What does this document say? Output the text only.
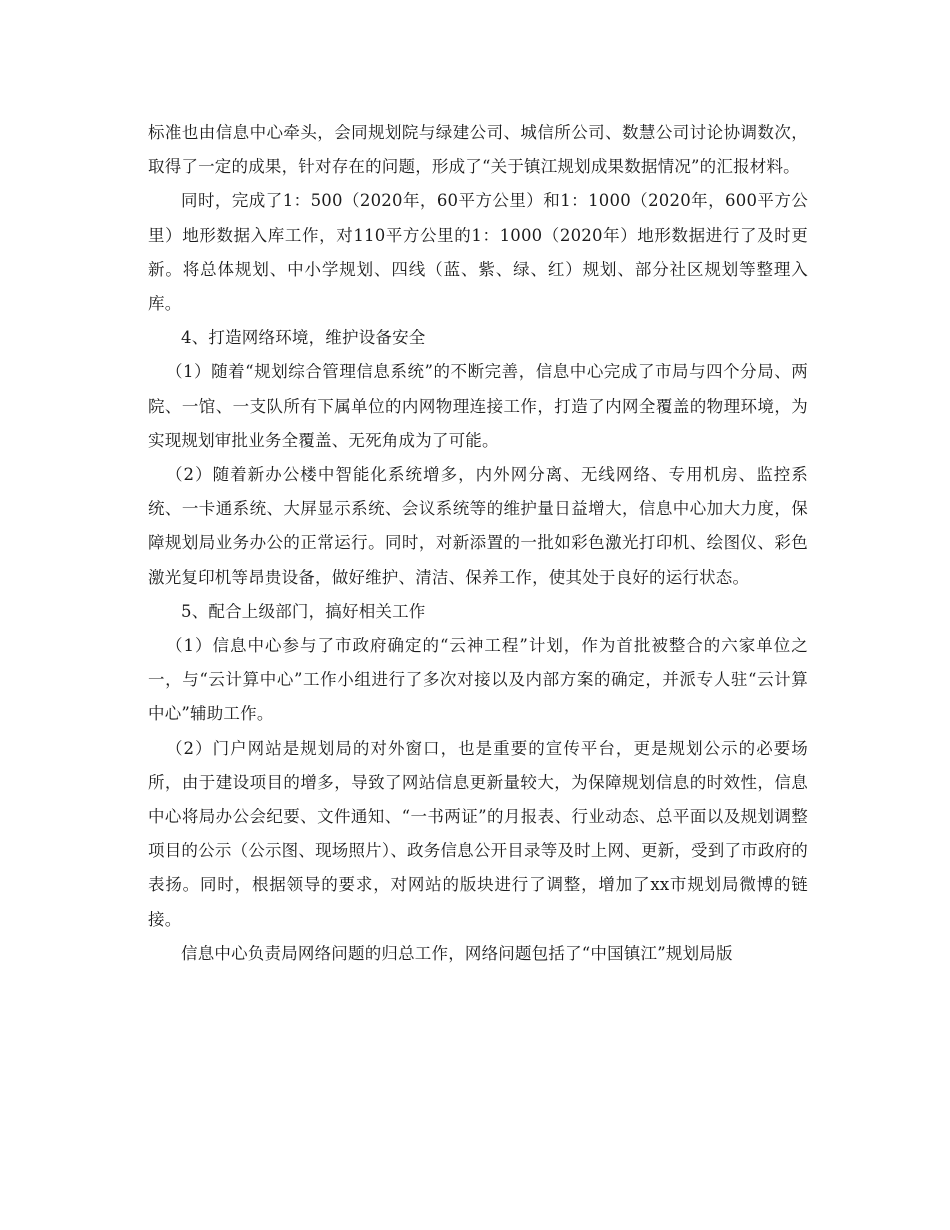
标准也由信息中心牵头，会同规划院与绿建公司、城信所公司、数慧公司讨论协调数次，取得了一定的成果，针对存在的问题，形成了“关于镇江规划成果数据情况”的汇报材料。

同时，完成了1：500（2020年，60平方公里）和1：1000（2020年，600平方公里）地形数据入库工作，对110平方公里的1：1000（2020年）地形数据进行了及时更新。将总体规划、中小学规划、四线（蓝、紫、绿、红）规划、部分社区规划等整理入库。

4、打造网络环境，维护设备安全

（1）随着“规划综合管理信息系统”的不断完善，信息中心完成了市局与四个分局、两院、一馆、一支队所有下属单位的内网物理连接工作，打造了内网全覆盖的物理环境，为实现规划审批业务全覆盖、无死角成为了可能。

（2）随着新办公楼中智能化系统增多，内外网分离、无线网络、专用机房、监控系统、一卡通系统、大屏显示系统、会议系统等的维护量日益增大，信息中心加大力度，保障规划局业务办公的正常运行。同时，对新添置的一批如彩色激光打印机、绘图仪、彩色激光复印机等昂贵设备，做好维护、清洁、保养工作，使其处于良好的运行状态。

5、配合上级部门，搞好相关工作

（1）信息中心参与了市政府确定的“云神工程”计划，作为首批被整合的六家单位之一，与“云计算中心”工作小组进行了多次对接以及内部方案的确定，并派专人驻“云计算中心”辅助工作。

（2）门户网站是规划局的对外窗口，也是重要的宣传平台，更是规划公示的必要场所，由于建设项目的增多，导致了网站信息更新量较大，为保障规划信息的时效性，信息中心将局办公会纪要、文件通知、“一书两证”的月报表、行业动态、总平面以及规划调整项目的公示（公示图、现场照片）、政务信息公开目录等及时上网、更新，受到了市政府的表扬。同时，根据领导的要求，对网站的版块进行了调整，增加了xx市规划局微博的链接。

信息中心负责局网络问题的归总工作，网络问题包括了“中国镇江”规划局版
